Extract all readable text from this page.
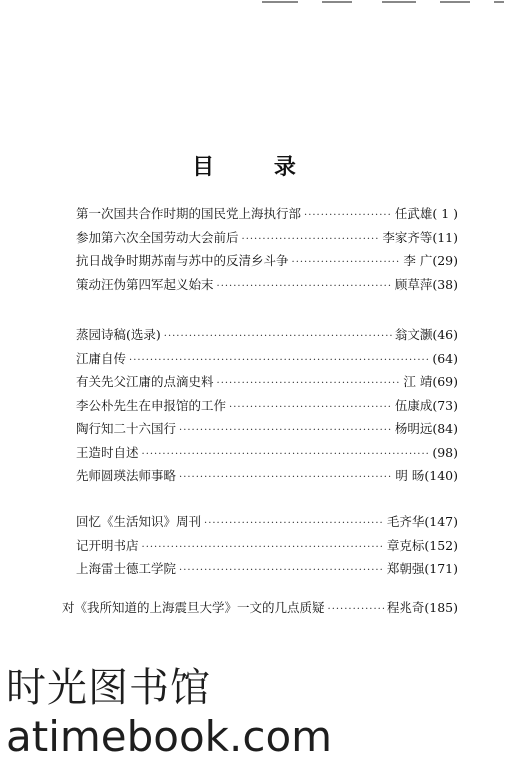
目 录
第一次国共合作时期的国民党上海执行部 ·····	任武雄 ( 1 )
参加第六次全国劳动大会前后 ·····	李家齐等 (11)
抗日战争时期苏南与苏中的反清乡斗争 ·····	李 广 (29)
策动汪伪第四军起义始末 ·····	顾草萍 (38)
蒸园诗稿(选录) ·····	翁文灏 (46)
江庸自传 ·····	(64)
有关先父江庸的点滴史料 ·····	江 靖 (69)
李公朴先生在申报馆的工作 ·····	伍康成 (73)
陶行知二十六国行 ·····	杨明远 (84)
王造时自述 ·····	(98)
先师圆瑛法师事略 ·····	明 旸 (140)
回忆《生活知识》周刊 ·····	毛齐华 (147)
记开明书店 ·····	章克标 (152)
上海雷士德工学院 ·····	郑朝强 (171)
对《我所知道的上海震旦大学》一文的几点质疑 ·····	程兆奇 (185)
时光图书馆
atimebook.com
